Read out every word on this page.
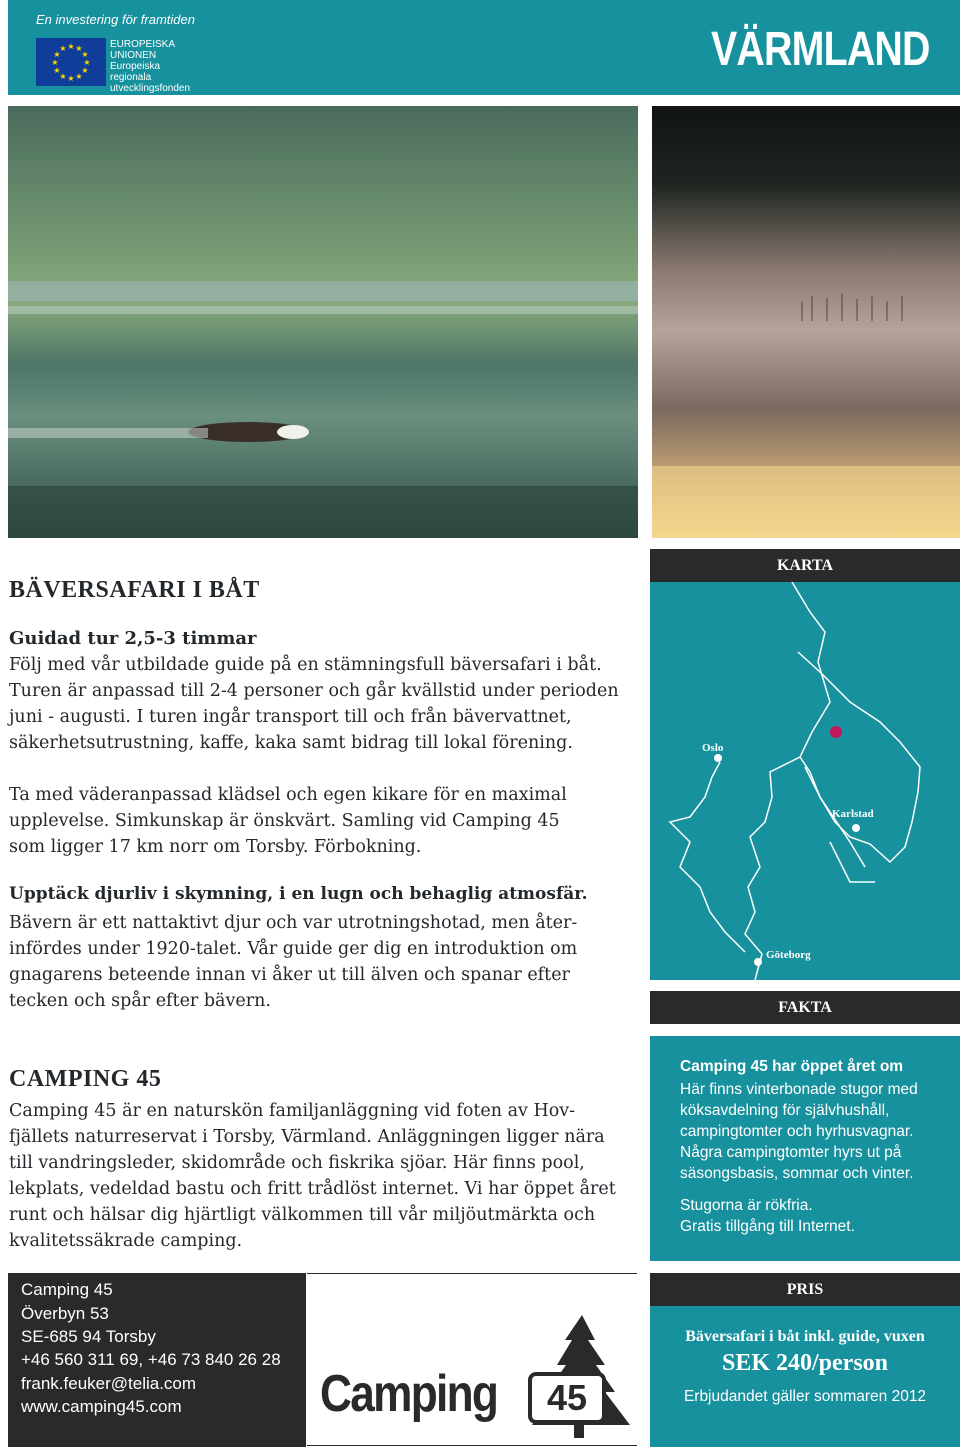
En investering för framtiden
★ ★
★
★
★
★
★
★
★
★
★
★	EUROPEISKA
UNIONEN
Europeiska
regionala
utvecklingsfonden
VÄRMLAND
BÄVERSAFARI I BÅT
Guidad tur 2,5-3 timmar
Följ med vår utbildade guide på en stämningsfull bäversafari i båt.
Turen är anpassad till 2-4 personer och går kvällstid under perioden
juni - augusti. I turen ingår transport till och från bävervattnet,
säkerhetsutrustning, kaffe, kaka samt bidrag till lokal förening.
Ta med väderanpassad klädsel och egen kikare för en maximal
upplevelse. Simkunskap är önskvärt. Samling vid Camping 45
som ligger 17 km norr om Torsby. Förbokning.
Upptäck djurliv i skymning, i en lugn och behaglig atmosfär.
Bävern är ett nattaktivt djur och var utrotningshotad, men åter-
infördes under 1920-talet. Vår guide ger dig en introduktion om
gnagarens beteende innan vi åker ut till älven och spanar efter
tecken och spår efter bävern.
CAMPING 45
Camping 45 är en naturskön familjanläggning vid foten av Hov-
fjällets naturreservat i Torsby, Värmland. Anläggningen ligger nära
till vandringsleder, skidområde och fiskrika sjöar. Här finns pool,
lekplats, vedeldad bastu och fritt trådlöst internet. Vi har öppet året
runt och hälsar dig hjärtligt välkommen till vår miljöutmärkta och
kvalitetssäkrade camping.
KARTA
Oslo
Karlstad
Göteborg
FAKTA
Camping 45 har öppet året om
Här finns vinterbonade stugor med
köksavdelning för självhushåll,
campingtomter och hyrhusvagnar.
Några campingtomter hyrs ut på
säsongsbasis, sommar och vinter.
Stugorna är rökfria.
Gratis tillgång till Internet.
Camping 45
Överbyn 53
SE-685 94 Torsby
+46 560 311 69, +46 73 840 26 28
frank.feuker@telia.com
www.camping45.com	Camping	45
PRIS
Bäversafari i båt inkl. guide, vuxen
SEK 240/person
Erbjudandet gäller sommaren 2012
